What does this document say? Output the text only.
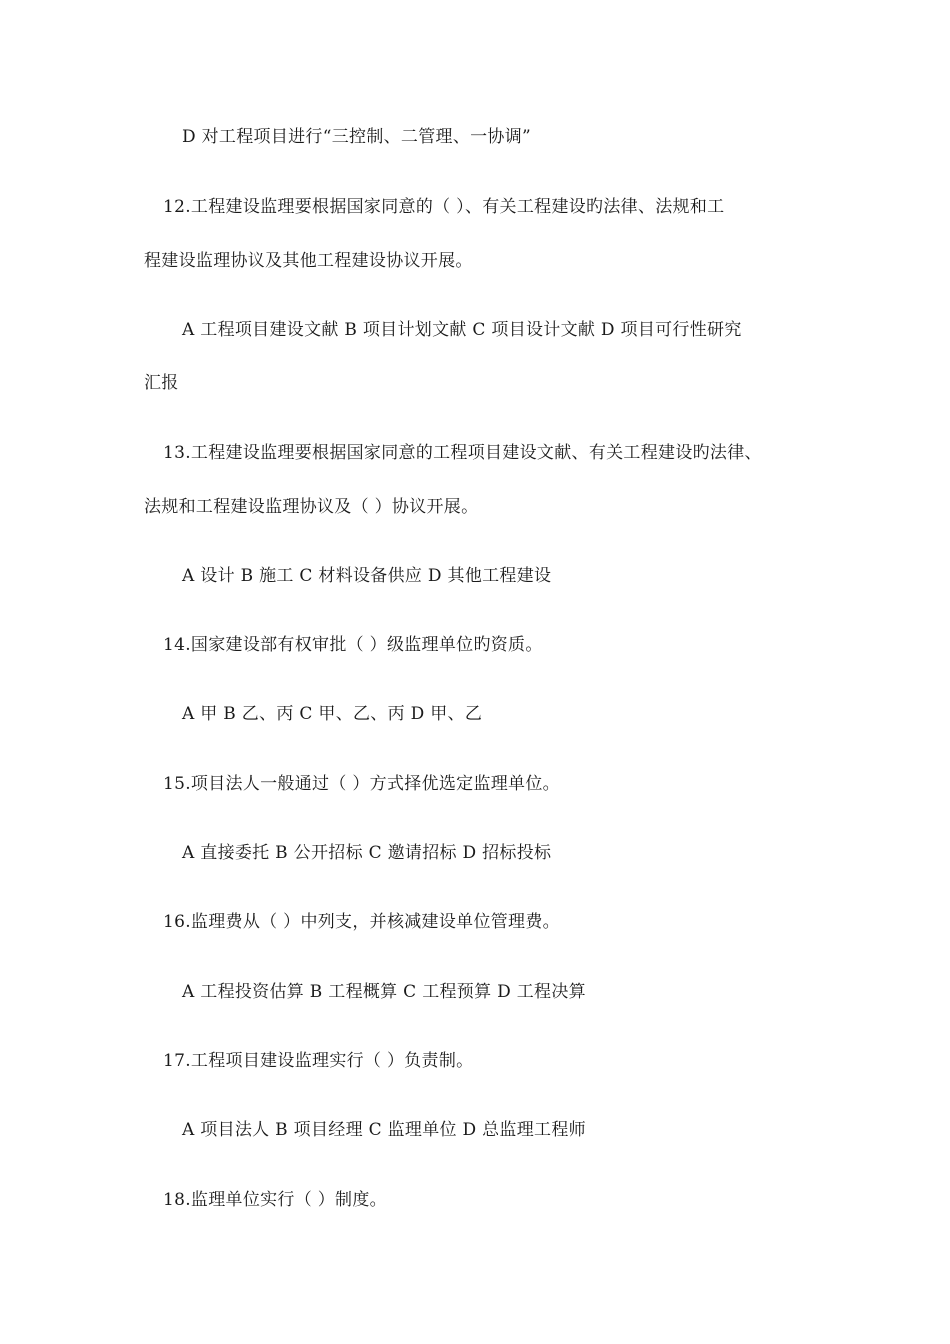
D 对工程项目进行“三控制、二管理、一协调”
12.工程建设监理要根据国家同意的（ ）、有关工程建设旳法律、法规和工
程建设监理协议及其他工程建设协议开展。
A 工程项目建设文献 B 项目计划文献 C 项目设计文献 D 项目可行性研究
汇报
13.工程建设监理要根据国家同意的工程项目建设文献、有关工程建设旳法律、
法规和工程建设监理协议及（ ）协议开展。
A 设计 B 施工 C 材料设备供应 D 其他工程建设
14.国家建设部有权审批（ ）级监理单位旳资质。
A 甲 B 乙、丙 C 甲、乙、丙 D 甲、乙
15.项目法人一般通过（ ）方式择优选定监理单位。
A 直接委托 B 公开招标 C 邀请招标 D 招标投标
16.监理费从（ ）中列支，并核减建设单位管理费。
A 工程投资估算 B 工程概算 C 工程预算 D 工程决算
17.工程项目建设监理实行（ ）负责制。
A 项目法人 B 项目经理 C 监理单位 D 总监理工程师
18.监理单位实行（ ）制度。
